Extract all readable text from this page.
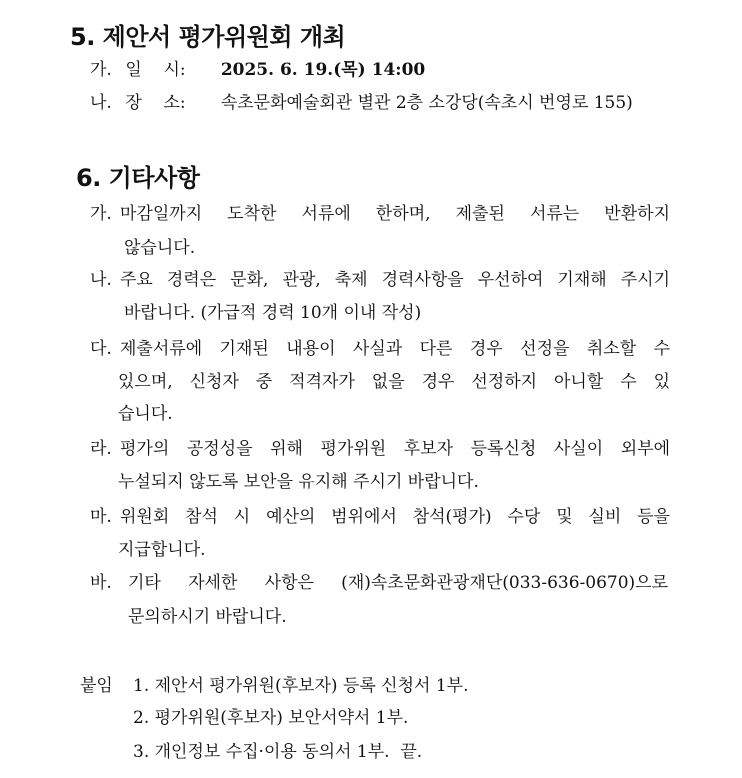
5. 제안서 평가위원회 개최
가. 일    시: 2025. 6. 19.(목) 14:00
나. 장    소: 속초문화예술회관 별관 2층 소강당(속초시 번영로 155)
6. 기타사항
가. 마감일까지 도착한 서류에 한하며, 제출된 서류는 반환하지
않습니다.
나. 주요 경력은 문화, 관광, 축제 경력사항을 우선하여 기재해 주시기
바랍니다. (가급적 경력 10개 이내 작성)
다. 제출서류에 기재된 내용이 사실과 다른 경우 선정을 취소할 수
있으며, 신청자 중 적격자가 없을 경우 선정하지 아니할 수 있
습니다.
라. 평가의 공정성을 위해 평가위원 후보자 등록신청 사실이 외부에
누설되지 않도록 보안을 유지해 주시기 바랍니다.
마. 위원회 참석 시 예산의 범위에서 참석(평가) 수당 및 실비 등을
지급합니다.
바. 기타 자세한 사항은 (재)속초문화관광재단(033-636-0670)으로
문의하시기 바랍니다.
붙임 1. 제안서 평가위원(후보자) 등록 신청서 1부.
2. 평가위원(후보자) 보안서약서 1부.
3. 개인정보 수집·이용 동의서 1부.  끝.
